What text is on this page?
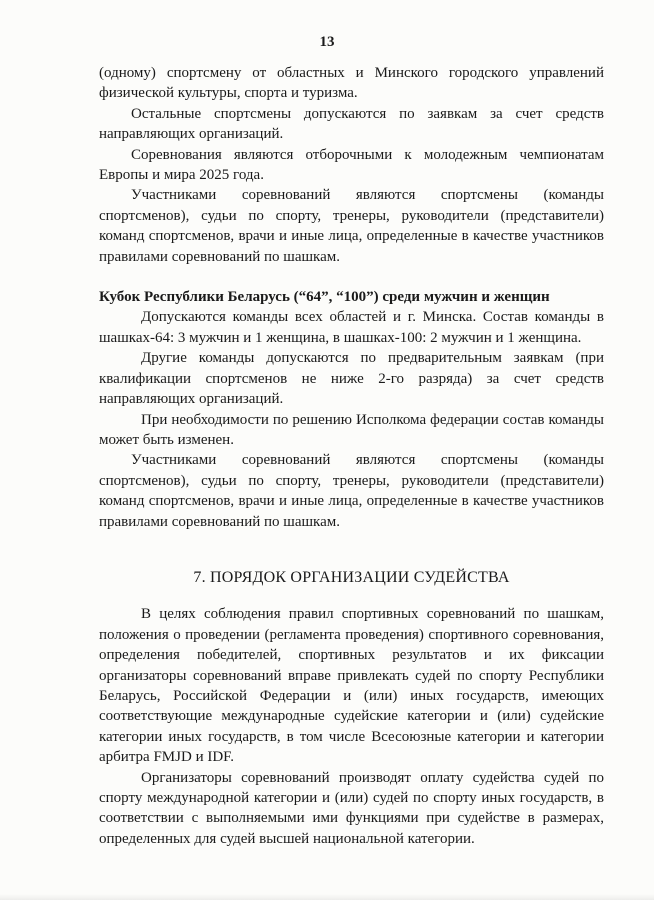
13

(одному) спортсмену от областных и Минского городского управлений физической культуры, спорта и туризма.

Остальные спортсмены допускаются по заявкам за счет средств направляющих организаций.

Соревнования являются отборочными к молодежным чемпионатам Европы и мира 2025 года.

Участниками соревнований являются спортсмены (команды спортсменов), судьи по спорту, тренеры, руководители (представители) команд спортсменов, врачи и иные лица, определенные в качестве участников правилами соревнований по шашкам.

Кубок Республики Беларусь (“64”, “100”) среди мужчин и женщин

Допускаются команды всех областей и г. Минска. Состав команды в шашках-64: 3 мужчин и 1 женщина, в шашках-100: 2 мужчин и 1 женщина.

Другие команды допускаются по предварительным заявкам (при квалификации спортсменов не ниже 2-го разряда) за счет средств направляющих организаций.

При необходимости по решению Исполкома федерации состав команды может быть изменен.

Участниками соревнований являются спортсмены (команды спортсменов), судьи по спорту, тренеры, руководители (представители) команд спортсменов, врачи и иные лица, определенные в качестве участников правилами соревнований по шашкам.

7. ПОРЯДОК ОРГАНИЗАЦИИ СУДЕЙСТВА

В целях соблюдения правил спортивных соревнований по шашкам, положения о проведении (регламента проведения) спортивного соревнования, определения победителей, спортивных результатов и их фиксации организаторы соревнований вправе привлекать судей по спорту Республики Беларусь, Российской Федерации и (или) иных государств, имеющих соответствующие международные судейские категории и (или) судейские категории иных государств, в том числе Всесоюзные категории и категории арбитра FMJD и IDF.

Организаторы соревнований производят оплату судейства судей по спорту международной категории и (или) судей по спорту иных государств, в соответствии с выполняемыми ими функциями при судействе в размерах, определенных для судей высшей национальной категории.
